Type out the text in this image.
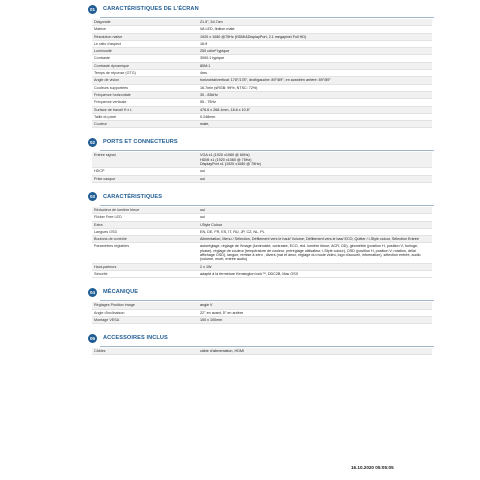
01	CARACTÉRISTIQUES DE L'ÉCRAN
Diagonale	21.5", 54.7cm
Matrice	VA LED, finition mate
Résolution native	1920 x 1080 @75Hz (HDMI&DisplayPort, 2.1 megapixel Full HD)
Le ratio d'aspect	16:9
Luminosité	250 cd/m² typique
Contraste	3000:1 typique
Contraste dynamique	80M:1
Temps de réponse (GTG)	4ms
Angle de vision	horizontal/vertical: 178°/178°, droit/gauche: 89°/89°, en avant/en arrière: 89°/89°
Couleurs supportées	16.7mln (sRGB: 99%, NTSC: 72%)
Fréquence horizontale	30 - 83kHz
Fréquence verticale	55 - 75Hz
Surface de travail H x L	476.6 x 268.1mm, 18.8 x 10.6"
Taille du pixel	0.248mm
Couleur	mate,
02	PORTS ET CONNECTEURS
Entrée signal	VGA x1 (1920 x1080 @ 60Hz)
HDMI x1 (1920 x1080 @ 75Hz)
DisplayPort x1 (1920 x1080 @ 75Hz)
HDCP	oui
Prise casque	oui
03	CARACTÉRISTIQUES
Réducteur de lumière bleue	oui
Flicker Free LED	oui
Extra	i-Style Colour
Langues OSD	EN, DE, FR, ES, IT, RU, JP, CZ, NL, PL
Boutons de contrôle	Alimentation, Menu / Sélection, Défilement vers le haut/ Volume, Défilement vers le bas/ ECO, Quitter / i-Style colour, Sélection Entrée
Paramètres réglables	autoréglage, réglage de l'image (luminosité, contraste, ECO, réd. lumière bleue, ACR, OD), géométrie (position H, position V, horloge, phase), réglage de couleur (température de couleur, préréglage utilisateur, i-Style colour), OSD (position H, position V, rotation, délai affichage OSD), langue, remise à zéro , divers (nat et deux, réglage du mode vidéo, logo d'accueil, information), sélection entrée, audio (volume, muet, entrée audio)
Haut-parleurs	2 x 1W
Sécurité	adapté à la fermeture Kensington lock™, DDC2B, Mac OSX
04	MÉCANIQUE
Réglages Position image	angle V
Angle d'inclinaison	22° en avant, 5° en arrière
Montage VESA	100 x 100mm
05	ACCESSOIRES INCLUS
Câbles	câble d'alimentation, HDMI
16.10.2020 05:05:05
